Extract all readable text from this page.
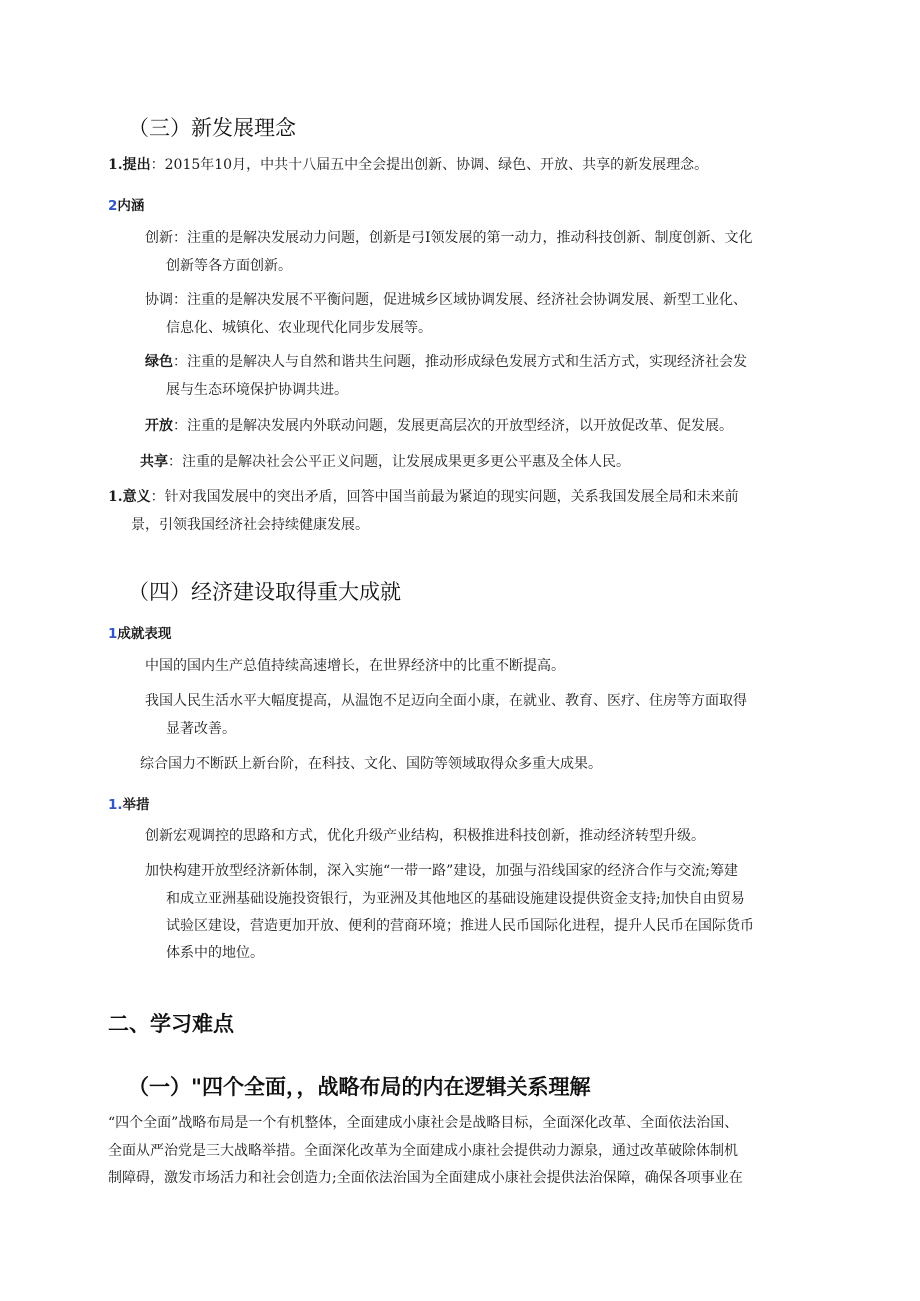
（三）新发展理念
1.提出：2015年10月，中共十八届五中全会提出创新、协调、绿色、开放、共享的新发展理念。
2内涵
创新：注重的是解决发展动力问题，创新是弓I领发展的第一动力，推动科技创新、制度创新、文化
创新等各方面创新。
协调：注重的是解决发展不平衡问题，促进城乡区域协调发展、经济社会协调发展、新型工业化、
信息化、城镇化、农业现代化同步发展等。
绿色：注重的是解决人与自然和谐共生问题，推动形成绿色发展方式和生活方式，实现经济社会发
展与生态环境保护协调共进。
开放：注重的是解决发展内外联动问题，发展更高层次的开放型经济，以开放促改革、促发展。
共享：注重的是解决社会公平正义问题，让发展成果更多更公平惠及全体人民。
1.意义：针对我国发展中的突出矛盾，回答中国当前最为紧迫的现实问题，关系我国发展全局和未来前
景，引领我国经济社会持续健康发展。
（四）经济建设取得重大成就
1成就表现
中国的国内生产总值持续高速增长，在世界经济中的比重不断提高。
我国人民生活水平大幅度提高，从温饱不足迈向全面小康，在就业、教育、医疗、住房等方面取得
显著改善。
综合国力不断跃上新台阶，在科技、文化、国防等领域取得众多重大成果。
1.举措
创新宏观调控的思路和方式，优化升级产业结构，积极推进科技创新，推动经济转型升级。
加快构建开放型经济新体制，深入实施“一带一路”建设，加强与沿线国家的经济合作与交流;筹建
和成立亚洲基础设施投资银行，为亚洲及其他地区的基础设施建设提供资金支持;加快自由贸易
试验区建设，营造更加开放、便利的营商环境；推进人民币国际化进程，提升人民币在国际货币
体系中的地位。
二、学习难点
（一）"四个全面，，战略布局的内在逻辑关系理解
“四个全面”战略布局是一个有机整体，全面建成小康社会是战略目标，全面深化改革、全面依法治国、
全面从严治党是三大战略举措。全面深化改革为全面建成小康社会提供动力源泉，通过改革破除体制机
制障碍，激发市场活力和社会创造力;全面依法治国为全面建成小康社会提供法治保障，确保各项事业在
